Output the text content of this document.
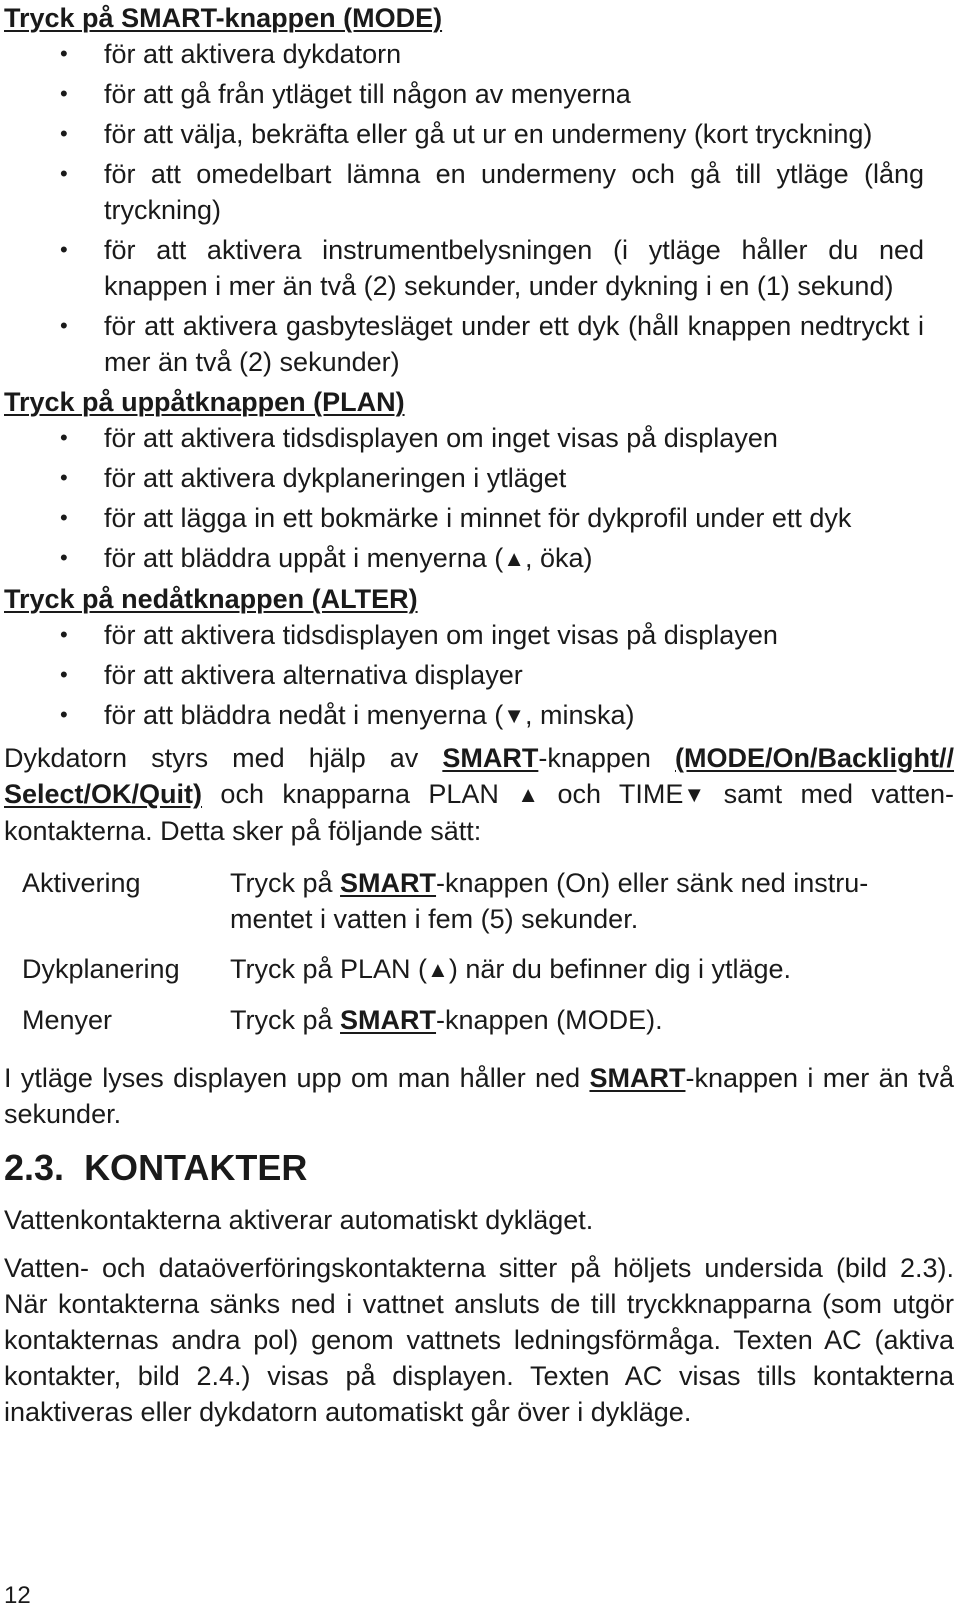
Tryck på SMART-knappen (MODE)

• för att aktivera dykdatorn
• för att gå från ytläget till någon av menyerna
• för att välja, bekräfta eller gå ut ur en undermeny (kort tryckning)
• för att omedelbart lämna en undermeny och gå till ytläge (lång tryckning)
• för att aktivera instrumentbelysningen (i ytläge håller du ned knappen i mer än två (2) sekunder, under dykning i en (1) sekund)
• för att aktivera gasbytesläget under ett dyk (håll knappen nedtryckt i mer än två (2) sekunder)

Tryck på uppåtknappen (PLAN)

• för att aktivera tidsdisplayen om inget visas på displayen
• för att aktivera dykplaneringen i ytläget
• för att lägga in ett bokmärke i minnet för dykprofil under ett dyk
• för att bläddra uppåt i menyerna (▲, öka)

Tryck på nedåtknappen (ALTER)

• för att aktivera tidsdisplayen om inget visas på displayen
• för att aktivera alternativa displayer
• för att bläddra nedåt i menyerna (▼, minska)

Dykdatorn styrs med hjälp av SMART-knappen (MODE/On/Backlight// Select/OK/Quit) och knapparna PLAN ▲ och TIME▼ samt med vatten-kontakterna. Detta sker på följande sätt:

Aktivering	Tryck på SMART-knappen (On) eller sänk ned instru-mentet i vatten i fem (5) sekunder.
Dykplanering	Tryck på PLAN (▲) när du befinner dig i ytläge.
Menyer	Tryck på SMART-knappen (MODE).

I ytläge lyses displayen upp om man håller ned SMART-knappen i mer än två sekunder.

2.3. KONTAKTER

Vattenkontakterna aktiverar automatiskt dykläget.

Vatten- och dataöverföringskontakterna sitter på höljets undersida (bild 2.3). När kontakterna sänks ned i vattnet ansluts de till tryckknapparna (som utgör kontakternas andra pol) genom vattnets ledningsförmåga. Texten AC (aktiva kontakter, bild 2.4.) visas på displayen. Texten AC visas tills kontakterna inaktiveras eller dykdatorn automatiskt går över i dykläge.

12
